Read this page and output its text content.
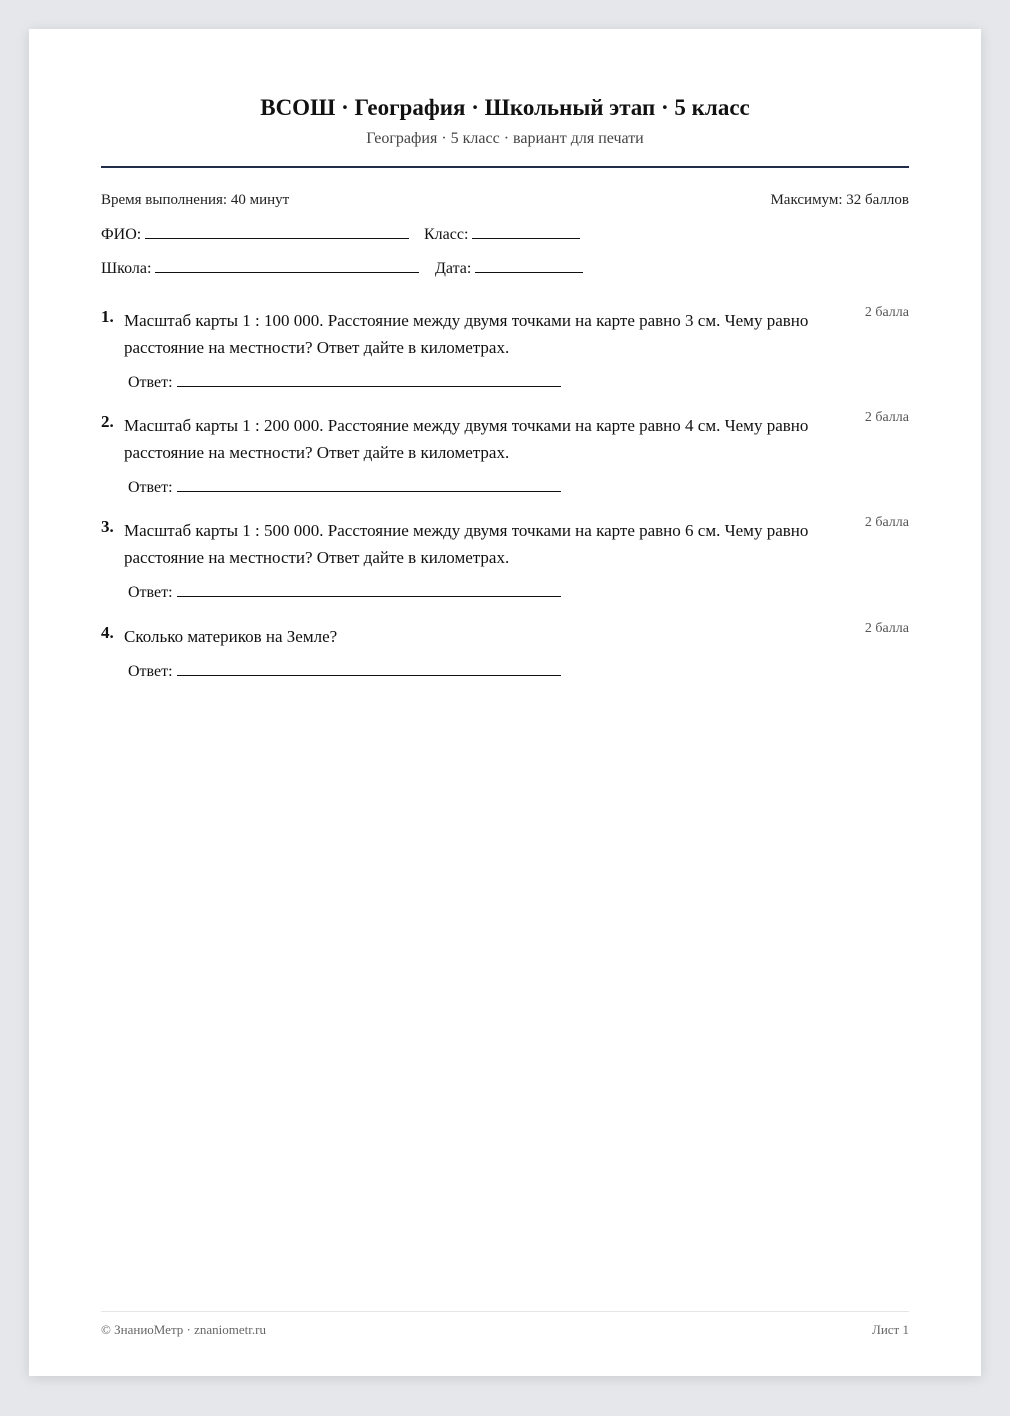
ВСОШ · География · Школьный этап · 5 класс
География · 5 класс · вариант для печати
Время выполнения: 40 минут	Максимум: 32 баллов
ФИО:	Класс:
Школа:	Дата:
1. Масштаб карты 1 : 100 000. Расстояние между двумя точками на карте равно 3 см. Чему равно расстояние на местности? Ответ дайте в километрах.
2 балла
Ответ:
2. Масштаб карты 1 : 200 000. Расстояние между двумя точками на карте равно 4 см. Чему равно расстояние на местности? Ответ дайте в километрах.
2 балла
Ответ:
3. Масштаб карты 1 : 500 000. Расстояние между двумя точками на карте равно 6 см. Чему равно расстояние на местности? Ответ дайте в километрах.
2 балла
Ответ:
4. Сколько материков на Земле?	2 балла
Ответ:
© ЗнаниоМетр · znaniometr.ru	Лист 1
